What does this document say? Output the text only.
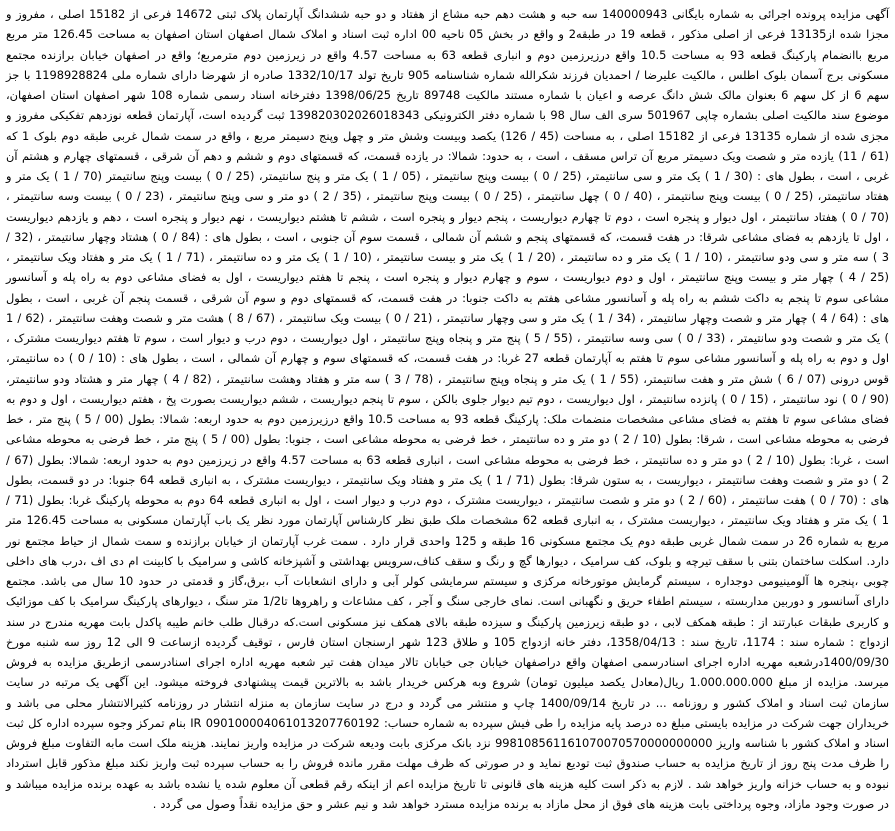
آگهی مزایده پرونده اجرائی به شماره بایگانی 140000943 سه حبه و هشت دهم حبه مشاع از هفتاد و دو حبه ششدانگ آپارتمان پلاک ثبتی 14672 فرعی از 15182 اصلی ، مفروز و مجزا شده از13135 فرعی از اصلی مذکور ، قطعه 19 در طبقه2 و واقع در بخش 05 ناحیه 00 اداره ثبت اسناد و املاک شمال اصفهان استان اصفهان به مساحت 126.45 متر مربع مربع باانضمام پارکینگ قطعه 93 به مساحت 10.5 واقع درزیرزمین دوم و انباری قطعه 63 به مساحت 4.57 واقع در زیرزمین دوم مترمربع؛ واقع در اصفهان خیابان برازنده مجتمع مسکونی برج آسمان بلوک اطلس ، مالکیت علیرضا / احمدیان فرزند شکرالله شماره شناسنامه 905 تاریخ تولد 1332/10/17 صادره از شهرضا دارای شماره ملی 1198928824 با جز سهم 6 از کل سهم 6 بعنوان مالک شش دانگ عرصه و اعیان با شماره مستند مالکیت 89748 تاریخ 1398/06/25 دفترخانه اسناد رسمی شماره 108 شهر اصفهان استان اصفهان، موضوع سند مالکیت اصلی بشماره چاپی 501967 سری الف سال 98 با شماره دفتر الکترونیکی 139820302026018343 ثبت گردیده است، آپارتمان قطعه نوزدهم تفکیکی مفروز و مجزی شده از شماره 13135 فرعی از 15182 اصلی ، به مساحت (45 / 126) یکصد وبیست وشش متر و چهل وپنج دسیمتر مربع ، واقع در سمت شمال غربی طبقه دوم بلوک 1 که (61 / 11) یازده متر و شصت ویک دسیمتر مربع آن تراس مسقف ، است ، به حدود: شمالا: در یازده قسمت، که قسمتهای دوم و ششم و دهم آن شرقی ، قسمتهای چهارم و هشتم آن غربی ، است ، بطول های : (30 / 1 ) یک متر و سی سانتیمتر، (25 / 0 ) بیست وپنج سانتیمتر ، (05 / 1 ) یک متر و پنج سانتیمتر، (25 / 0 ) بیست وپنج سانتیمتر (70 / 1 ) یک متر و هفتاد سانتیمتر، (25 / 0 ) بیست وپنج سانتیمتر ، (40 / 0 ) چهل سانتیمتر ، (25 / 0 ) بیست وپنج سانتیمتر ، (35 / 2 ) دو متر و سی وپنج سانتیمتر ، (23 / 0 ) بیست وسه سانتیمتر ، (70 / 0 ) هفتاد سانتیمتر ، اول دیوار و پنجره است ، دوم تا چهارم دیواریست ، پنجم دیوار و پنجره است ، ششم تا هشتم دیواریست ، نهم دیوار و پنجره است ، دهم و یازدهم دیواریست ، اول تا یازدهم به فضای مشاعی شرقا: در هفت قسمت، که قسمتهای پنجم و ششم آن شمالی ، قسمت سوم آن جنوبی ، است ، بطول های : (84 / 0 ) هشتاد وچهار سانتیمتر ، (32 / 3 ) سه متر و سی ودو سانتیمتر ، (10 / 1 ) یک متر و ده سانتیمتر ، (20 / 1 ) یک متر و بیست سانتیمتر ، (10 / 1 ) یک متر و ده سانتیمتر ، (71 / 1 ) یک متر و هفتاد ویک سانتیمتر ، (25 / 4 ) چهار متر و بیست وپنج سانتیمتر ، اول و دوم دیواریست ، سوم و چهارم دیوار و پنجره است ، پنجم تا هفتم دیواریست ، اول به فضای مشاعی دوم به راه پله و آسانسور مشاعی سوم تا پنجم به داکت ششم به راه پله و آسانسور مشاعی هفتم به داکت جنوبا: در هفت قسمت، که قسمتهای دوم و سوم آن شرقی ، قسمت پنجم آن غربی ، است ، بطول های : (64 / 4 ) چهار متر و شصت وچهار سانتیمتر ، (34 / 1 ) یک متر و سی وچهار سانتیمتر ، (21 / 0 ) بیست ویک سانتیمتر ، (67 / 8 ) هشت متر و شصت وهفت سانتیمتر ، (62 / 1 ) یک متر و شصت ودو سانتیمتر ، (33 / 0 ) سی وسه سانتیمتر ، (55 / 5 ) پنج متر و پنجاه وپنج سانتیمتر ، اول دیواریست ، دوم درب و دیوار است ، سوم تا هفتم دیواریست مشترک ، اول و دوم به راه پله و آسانسور مشاعی سوم تا هفتم به آپارتمان قطعه 27 غربا: در هفت قسمت، که قسمتهای سوم و چهارم آن شمالی ، است ، بطول های : (10 / 0 ) ده سانتیمتر، قوس درونی (07 / 6 ) شش متر و هفت سانتیمتر، (55 / 1 ) یک متر و پنجاه وپنج سانتیمتر ، (78 / 3 ) سه متر و هفتاد وهشت سانتیمتر ، (82 / 4 ) چهار متر و هشتاد ودو سانتیمتر، (90 / 0 ) نود سانتیمتر ، (15 / 0 ) پانزده سانتیمتر ، اول دیواریست ، دوم تیم دیوار جلوی بالکن ، سوم تا پنجم دیواریست ، ششم دیواریست بصورت پخ ، هفتم دیواریست ، اول و دوم به فضای مشاعی سوم تا هفتم به فضای مشاعی مشخصات منضمات ملک: پارکینگ قطعه 93 به مساحت 10.5 واقع درزیرزمین دوم به حدود اربعه: شمالا: بطول (00 / 5 ) پنج متر ، خط فرضی به محوطه مشاعی است ، شرقا: بطول (10 / 2 ) دو متر و ده سانتیمتر ، خط فرضی به محوطه مشاعی است ، جنوبا: بطول (00 / 5 ) پنج متر ، خط فرضی به محوطه مشاعی است ، غربا: بطول (10 / 2 ) دو متر و ده سانتیمتر ، خط فرضی به محوطه مشاعی است ، انباری قطعه 63 به مساحت 4.57 واقع در زیرزمین دوم به حدود اربعه: شمالا: بطول (67 / 2 ) دو متر و شصت وهفت سانتیمتر ، دیواریست ، به ستون شرقا: بطول (71 / 1 ) یک متر و هفتاد ویک سانتیمتر ، دیواریست مشترک ، به انباری قطعه 64 جنوبا: در دو قسمت، بطول های : (70 / 0 ) هفت سانتیمتر ، (60 / 2 ) دو متر و شصت سانتیمتر ، دیواریست مشترک ، دوم درب و دیوار است ، اول به انباری قطعه 64 دوم به محوطه پارکینگ غربا: بطول (71 / 1 ) یک متر و هفتاد ویک سانتیمتر ، دیواریست مشترک ، به انباری قطعه 62 مشخصات ملک طبق نظر کارشناس آپارتمان مورد نظر یک باب آپارتمان مسکونی به مساحت 126.45 متر مربع به شماره 26 در سمت شمال غربی طبقه دوم یک مجتمع مسکونی 16 طبقه و 125 واحدی قرار دارد . سمت غرب آپارتمان از خیابان برازنده و سمت شمال از حیاط مجتمع نور دارد. اسکلت ساختمان بتنی با سقف تیرچه و بلوک، کف سرامیک ، دیوارها گچ و رنگ و سقف کناف،سرویس بهداشتی و آشپزخانه کاشی و سرامیک با کابینت ام دی اف ،درب های داخلی چوبی ،پنجره ها آلومینیومی دوجداره ، سیستم گرمایش موتورخانه مرکزی و سیستم سرمایشی کولر آبی و دارای انشعابات آب ،برق،گاز و قدمتی در حدود 10 سال می باشد. مجتمع دارای آسانسور و دوربین مداربسته ، سیستم اطفاء حریق و نگهبانی است. نمای خارجی سنگ و آجر ، کف مشاعات و راهروها تا1/2 متر سنگ ، دیوارهای پارکینگ سرامیک با کف موزائیک و کاربری طبقات عبارتند از : طبقه همکف لابی ، دو طبقه زیرزمین پارکینگ و سیزده طبقه بالای همکف نیز مسکونی است.که درقبال طلب خانم طیبه پاکدل بابت مهریه مندرج در سند ازدواج : شماره سند : 1174، تاریخ سند : 1358/04/13، دفتر خانه ازدواج 105 و طلاق 123 شهر ارسنجان استان فارس ، توقیف گردیده ازساعت 9 الی 12 روز سه شنبه مورخ 1400/09/30درشعبه مهریه اداره اجرای اسنادرسمی اصفهان واقع دراصفهان خیابان جی خیابان تالار میدان هفت تیر شعبه مهریه اداره اجرای اسنادرسمی ازطریق مزایده به فروش میرسد. مزایده از مبلغ 1.000.000.000 ریال(معادل یکصد میلیون تومان) شروع وبه هرکس خریدار باشد به بالاترین قیمت پیشنهادی فروخته میشود. این آگهی یک مرتبه در سایت سازمان ثبت اسناد و املاک کشور و روزنامه ... در تاریخ 1400/09/14 چاپ و منتشر می گردد و درج در سایت سازمان به منزله انتشار در روزنامه کثیرالانتشار محلی می باشد و خریداران جهت شرکت در مزایده بایستی مبلغ ده درصد پایه مزایده را طی فیش سپرده به شماره حساب: IR 090100004061013207760192 بنام تمرکز وجوه سپرده اداره کل ثبت اسناد و املاک کشور با شناسه واریز 998108561161070070570000000000 نزد بانک مرکزی بابت ودیعه شرکت در مزایده واریز نمایند. هزینه ملک است مابه التفاوت مبلغ فروش را ظرف مدت پنج روز از تاریخ مزایده به حساب صندوق ثبت تودیع نماید و در صورتی که ظرف مهلت مقرر مانده فروش را به حساب سپرده ثبت واریز نکند مبلغ مذکور قابل استرداد نبوده و به حساب خزانه واریز خواهد شد . لازم به ذکر است کلیه هزینه های قانونی تا تاریخ مزایده اعم از اینکه رقم قطعی آن معلوم شده یا نشده باشد به عهده برنده مزایده میباشد و در صورت وجود مازاد، وجوه پرداختی بابت هزینه های فوق از محل مازاد به برنده مزایده مسترد خواهد شد و نیم عشر و حق مزایده نقداً وصول می گردد .
